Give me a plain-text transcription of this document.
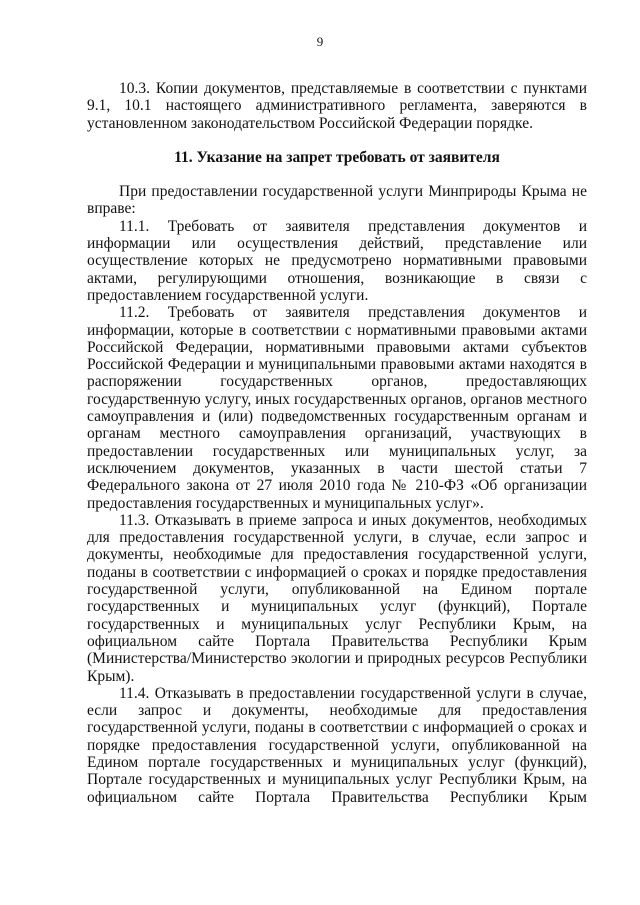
9

10.3. Копии документов, представляемые в соответствии с пунктами 9.1, 10.1 настоящего административного регламента, заверяются в установленном законодательством Российской Федерации порядке.

11. Указание на запрет требовать от заявителя

При предоставлении государственной услуги Минприроды Крыма не вправе:

11.1. Требовать от заявителя представления документов и информации или осуществления действий, представление или осуществление которых не предусмотрено нормативными правовыми актами, регулирующими отношения, возникающие в связи с предоставлением государственной услуги.

11.2. Требовать от заявителя представления документов и информации, которые в соответствии с нормативными правовыми актами Российской Федерации, нормативными правовыми актами субъектов Российской Федерации и муниципальными правовыми актами находятся в распоряжении государственных органов, предоставляющих государственную услугу, иных государственных органов, органов местного самоуправления и (или) подведомственных государственным органам и органам местного самоуправления организаций, участвующих в предоставлении государственных или муниципальных услуг, за исключением документов, указанных в части шестой статьи 7 Федерального закона от 27 июля 2010 года № 210-ФЗ «Об организации предоставления государственных и муниципальных услуг».

11.3. Отказывать в приеме запроса и иных документов, необходимых для предоставления государственной услуги, в случае, если запрос и документы, необходимые для предоставления государственной услуги, поданы в соответствии с информацией о сроках и порядке предоставления государственной услуги, опубликованной на Едином портале государственных и муниципальных услуг (функций), Портале государственных и муниципальных услуг Республики Крым, на официальном сайте Портала Правительства Республики Крым (Министерства/Министерство экологии и природных ресурсов Республики Крым).

11.4. Отказывать в предоставлении государственной услуги в случае, если запрос и документы, необходимые для предоставления государственной услуги, поданы в соответствии с информацией о сроках и порядке предоставления государственной услуги, опубликованной на Едином портале государственных и муниципальных услуг (функций), Портале государственных и муниципальных услуг Республики Крым, на официальном сайте Портала Правительства Республики Крым
